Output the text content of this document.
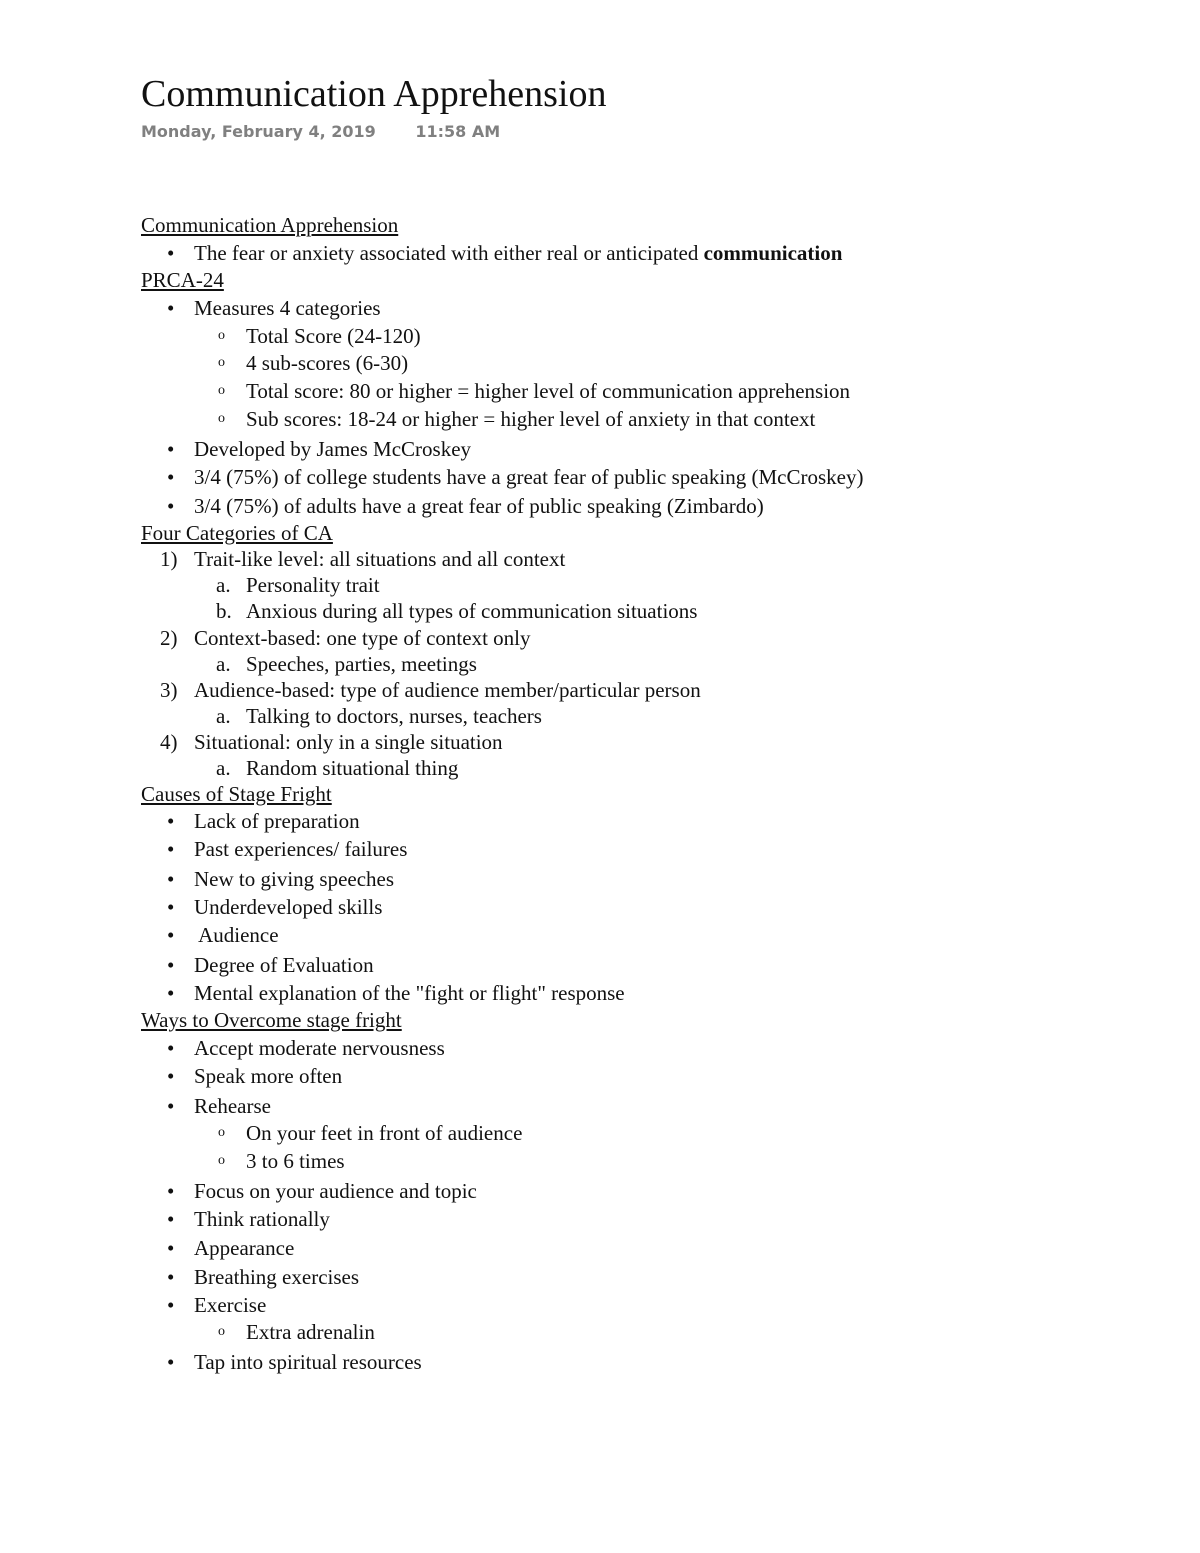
Communication Apprehension
Monday, February 4, 2019 11:58 AM
Communication Apprehension
• The fear or anxiety associated with either real or anticipated communication
PRCA-24
• Measures 4 categories
o Total Score (24-120)
o 4 sub-scores (6-30)
o Total score: 80 or higher = higher level of communication apprehension
o Sub scores: 18-24 or higher = higher level of anxiety in that context
• Developed by James McCroskey
• 3/4 (75%) of college students have a great fear of public speaking (McCroskey)
• 3/4 (75%) of adults have a great fear of public speaking (Zimbardo)
Four Categories of CA
1) Trait-like level: all situations and all context
a. Personality trait
b. Anxious during all types of communication situations
2) Context-based: one type of context only
a. Speeches, parties, meetings
3) Audience-based: type of audience member/particular person
a. Talking to doctors, nurses, teachers
4) Situational: only in a single situation
a. Random situational thing
Causes of Stage Fright
• Lack of preparation
• Past experiences/ failures
• New to giving speeches
• Underdeveloped skills
• Audience
• Degree of Evaluation
• Mental explanation of the "fight or flight" response
Ways to Overcome stage fright
• Accept moderate nervousness
• Speak more often
• Rehearse
o On your feet in front of audience
o 3 to 6 times
• Focus on your audience and topic
• Think rationally
• Appearance
• Breathing exercises
• Exercise
o Extra adrenalin
• Tap into spiritual resources
